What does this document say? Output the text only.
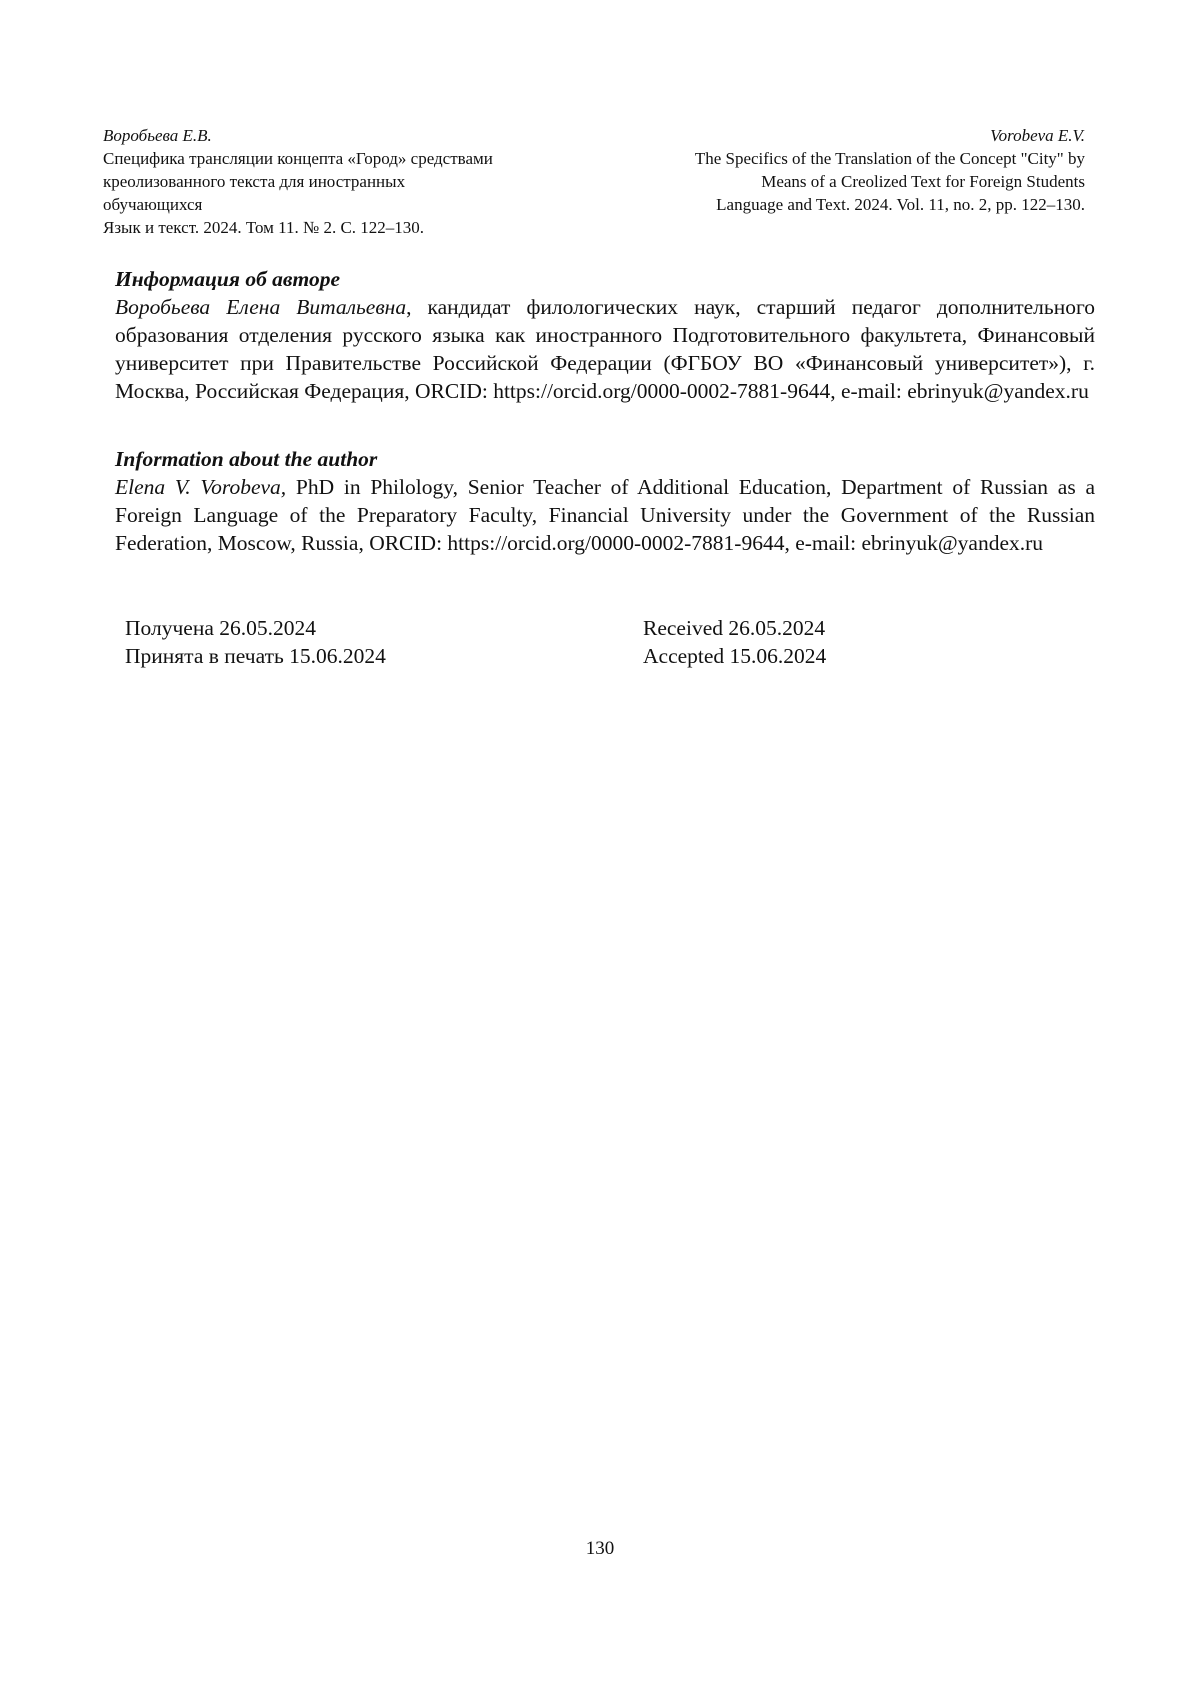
Воробьева Е.В.
Специфика трансляции концепта «Город» средствами
креолизованного текста для иностранных
обучающихся
Язык и текст. 2024. Том 11. № 2. С. 122–130.
Vorobeva E.V.
The Specifics of the Translation of the Concept "City" by
Means of a Creolized Text for Foreign Students
Language and Text. 2024. Vol. 11, no. 2, pp. 122–130.
Информация об авторе
Воробьева Елена Витальевна, кандидат филологических наук, старший педагог дополнительного образования отделения русского языка как иностранного Подготовительного факультета, Финансовый университет при Правительстве Российской Федерации (ФГБОУ ВО «Финансовый университет»), г. Москва, Российская Федерация, ORCID: https://orcid.org/0000-0002-7881-9644, e-mail: ebrinyuk@yandex.ru
Information about the author
Elena V. Vorobeva, PhD in Philology, Senior Teacher of Additional Education, Department of Russian as a Foreign Language of the Preparatory Faculty, Financial University under the Government of the Russian Federation, Moscow, Russia, ORCID: https://orcid.org/0000-0002-7881-9644, e-mail: ebrinyuk@yandex.ru
Получена 26.05.2024
Принята в печать 15.06.2024
Received 26.05.2024
Accepted 15.06.2024
130
